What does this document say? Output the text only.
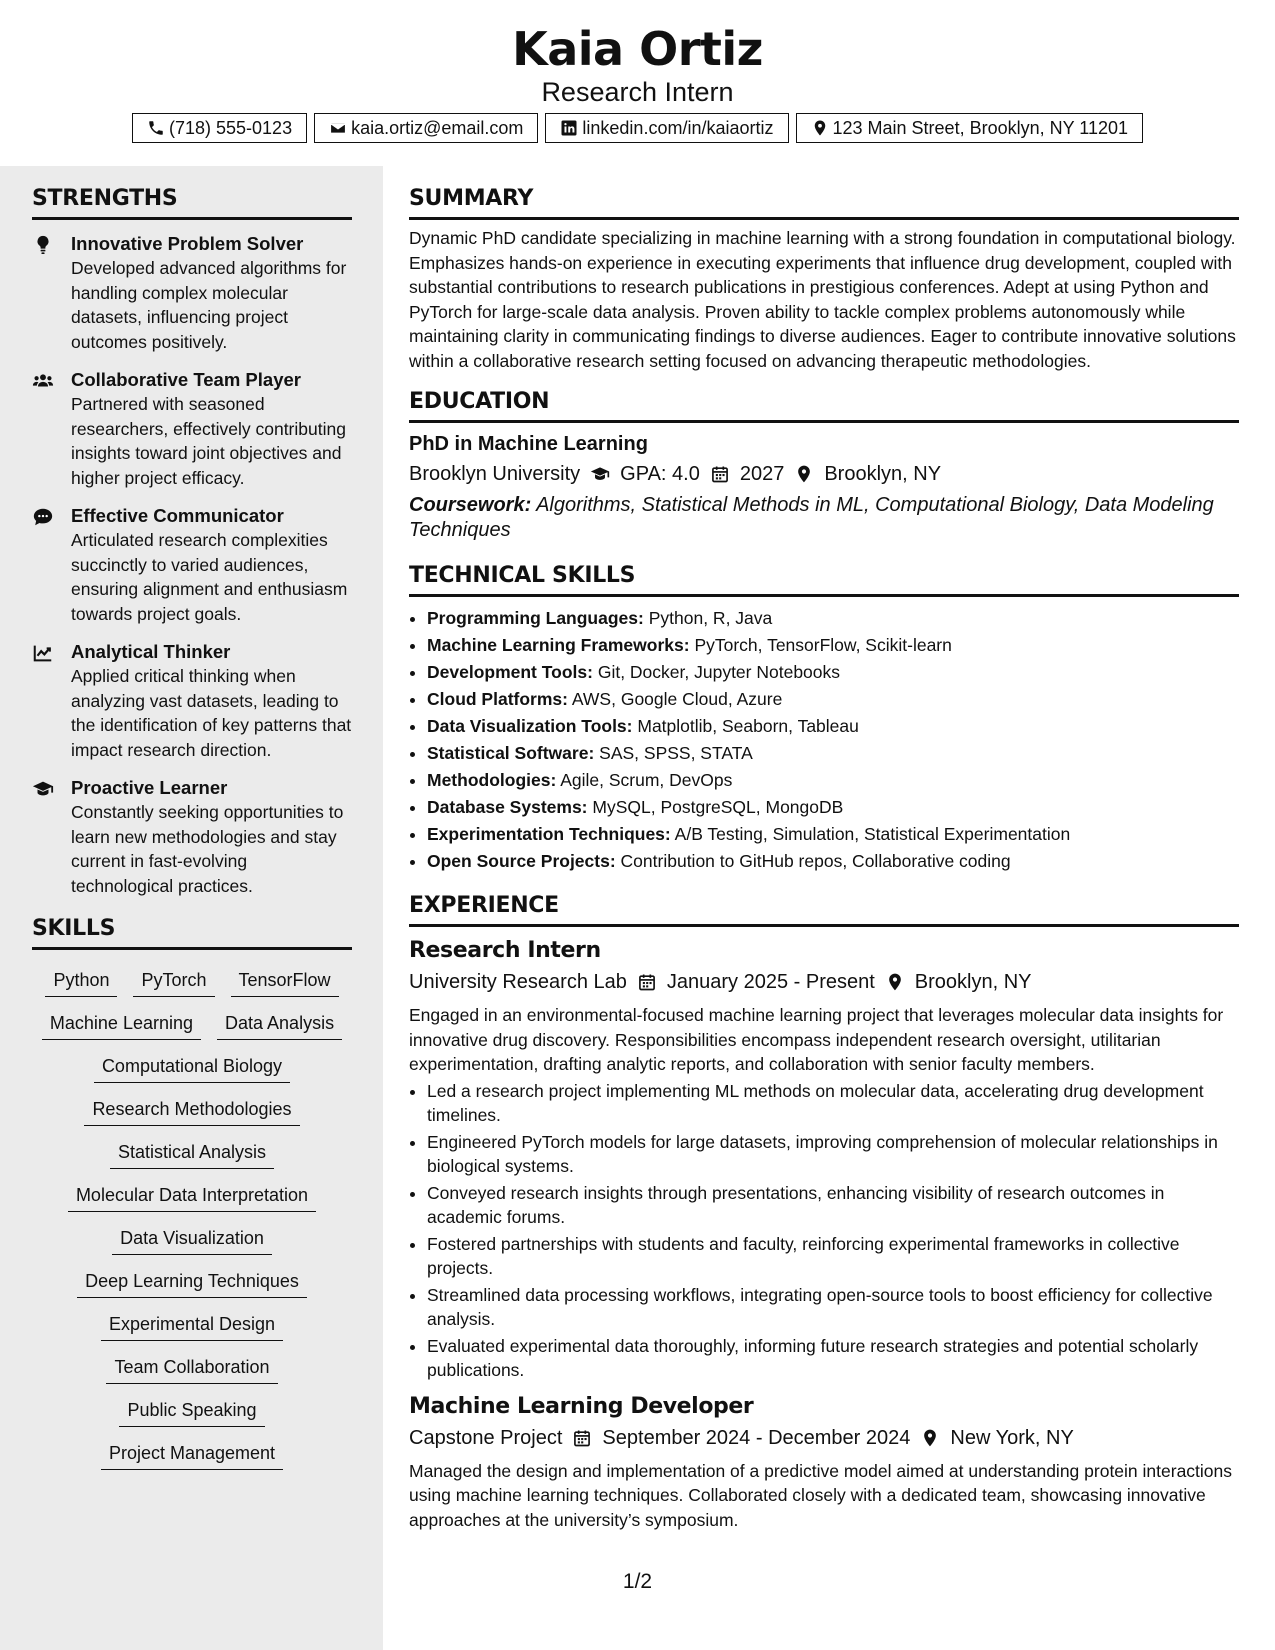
Kaia Ortiz
Research Intern
(718) 555-0123	kaia.ortiz@email.com	linkedin.com/in/kaiaortiz	123 Main Street, Brooklyn, NY 11201
STRENGTHS
Innovative Problem Solver
Developed advanced algorithms for handling complex molecular datasets, influencing project outcomes positively.
Collaborative Team Player
Partnered with seasoned researchers, effectively contributing insights toward joint objectives and higher project efficacy.
Effective Communicator
Articulated research complexities succinctly to varied audiences, ensuring alignment and enthusiasm towards project goals.
Analytical Thinker
Applied critical thinking when analyzing vast datasets, leading to the identification of key patterns that impact research direction.
Proactive Learner
Constantly seeking opportunities to learn new methodologies and stay current in fast-evolving technological practices.
SKILLS
Python	PyTorch	TensorFlow
Machine Learning	Data Analysis
Computational Biology
Research Methodologies
Statistical Analysis
Molecular Data Interpretation
Data Visualization
Deep Learning Techniques
Experimental Design
Team Collaboration
Public Speaking
Project Management
SUMMARY

Dynamic PhD candidate specializing in machine learning with a strong foundation in computational biology. Emphasizes hands-on experience in executing experiments that influence drug development, coupled with substantial contributions to research publications in prestigious conferences. Adept at using Python and PyTorch for large-scale data analysis. Proven ability to tackle complex problems autonomously while maintaining clarity in communicating findings to diverse audiences. Eager to contribute innovative solutions within a collaborative research setting focused on advancing therapeutic methodologies.

EDUCATION
PhD in Machine Learning
Brooklyn University GPA: 4.0 2027 Brooklyn, NY
Coursework: Algorithms, Statistical Methods in ML, Computational Biology, Data Modeling Techniques
TECHNICAL SKILLS
• Programming Languages: Python, R, Java
• Machine Learning Frameworks: PyTorch, TensorFlow, Scikit-learn
• Development Tools: Git, Docker, Jupyter Notebooks
• Cloud Platforms: AWS, Google Cloud, Azure
• Data Visualization Tools: Matplotlib, Seaborn, Tableau
• Statistical Software: SAS, SPSS, STATA
• Methodologies: Agile, Scrum, DevOps
• Database Systems: MySQL, PostgreSQL, MongoDB
• Experimentation Techniques: A/B Testing, Simulation, Statistical Experimentation
• Open Source Projects: Contribution to GitHub repos, Collaborative coding
EXPERIENCE
Research Intern
University Research Lab January 2025 - Present Brooklyn, NY

Engaged in an environmental-focused machine learning project that leverages molecular data insights for innovative drug discovery. Responsibilities encompass independent research oversight, utilitarian experimentation, drafting analytic reports, and collaboration with senior faculty members.

• Led a research project implementing ML methods on molecular data, accelerating drug development timelines.
• Engineered PyTorch models for large datasets, improving comprehension of molecular relationships in biological systems.
• Conveyed research insights through presentations, enhancing visibility of research outcomes in academic forums.
• Fostered partnerships with students and faculty, reinforcing experimental frameworks in collective projects.
• Streamlined data processing workflows, integrating open-source tools to boost efficiency for collective analysis.
• Evaluated experimental data thoroughly, informing future research strategies and potential scholarly publications.
Machine Learning Developer
Capstone Project September 2024 - December 2024 New York, NY

Managed the design and implementation of a predictive model aimed at understanding protein interactions using machine learning techniques. Collaborated closely with a dedicated team, showcasing innovative approaches at the university’s symposium.

1/2
